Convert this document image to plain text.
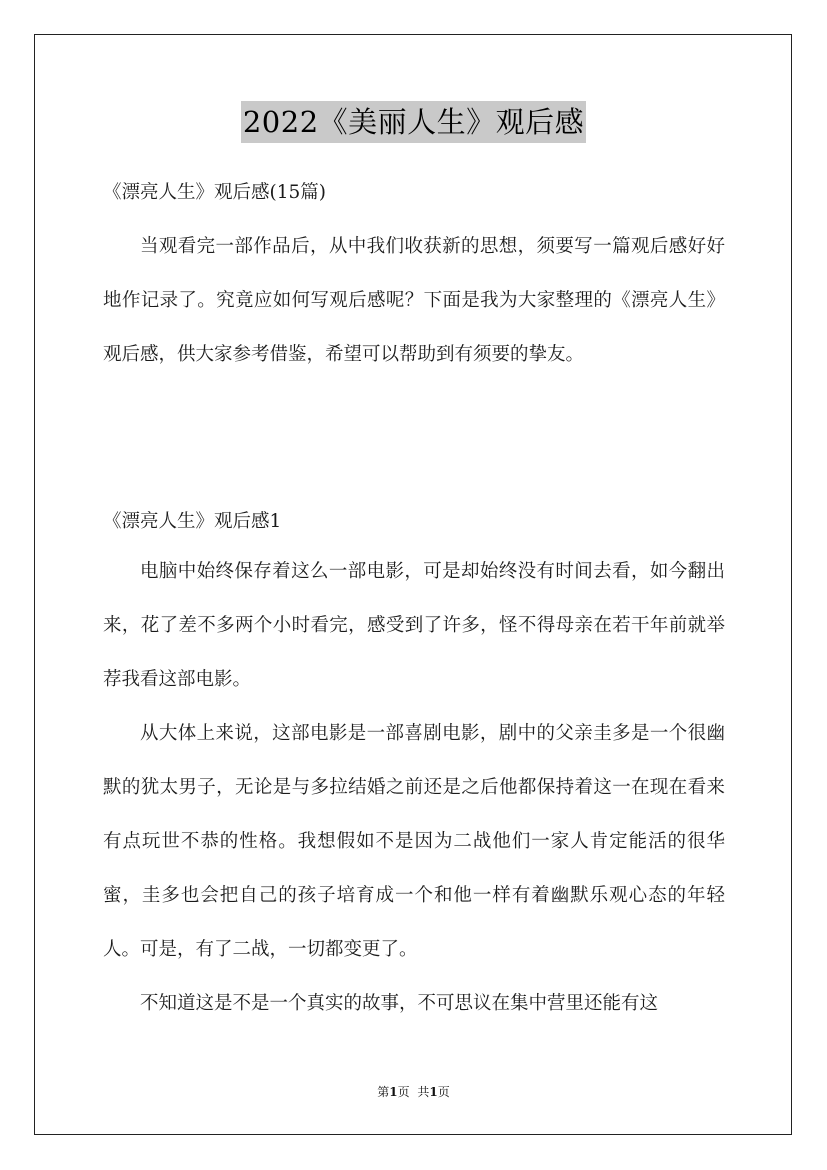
2022《美丽人生》观后感
《漂亮人生》观后感(15篇)
当观看完一部作品后，从中我们收获新的思想，须要写一篇观后感好好地作记录了。究竟应如何写观后感呢？下面是我为大家整理的《漂亮人生》观后感，供大家参考借鉴，希望可以帮助到有须要的挚友。
《漂亮人生》观后感1
电脑中始终保存着这么一部电影，可是却始终没有时间去看，如今翻出来，花了差不多两个小时看完，感受到了许多，怪不得母亲在若干年前就举荐我看这部电影。
从大体上来说，这部电影是一部喜剧电影，剧中的父亲圭多是一个很幽默的犹太男子，无论是与多拉结婚之前还是之后他都保持着这一在现在看来有点玩世不恭的性格。我想假如不是因为二战他们一家人肯定能活的很华蜜，圭多也会把自己的孩子培育成一个和他一样有着幽默乐观心态的年轻人。可是，有了二战，一切都变更了。
不知道这是不是一个真实的故事，不可思议在集中营里还能有这
第1页 共1页
